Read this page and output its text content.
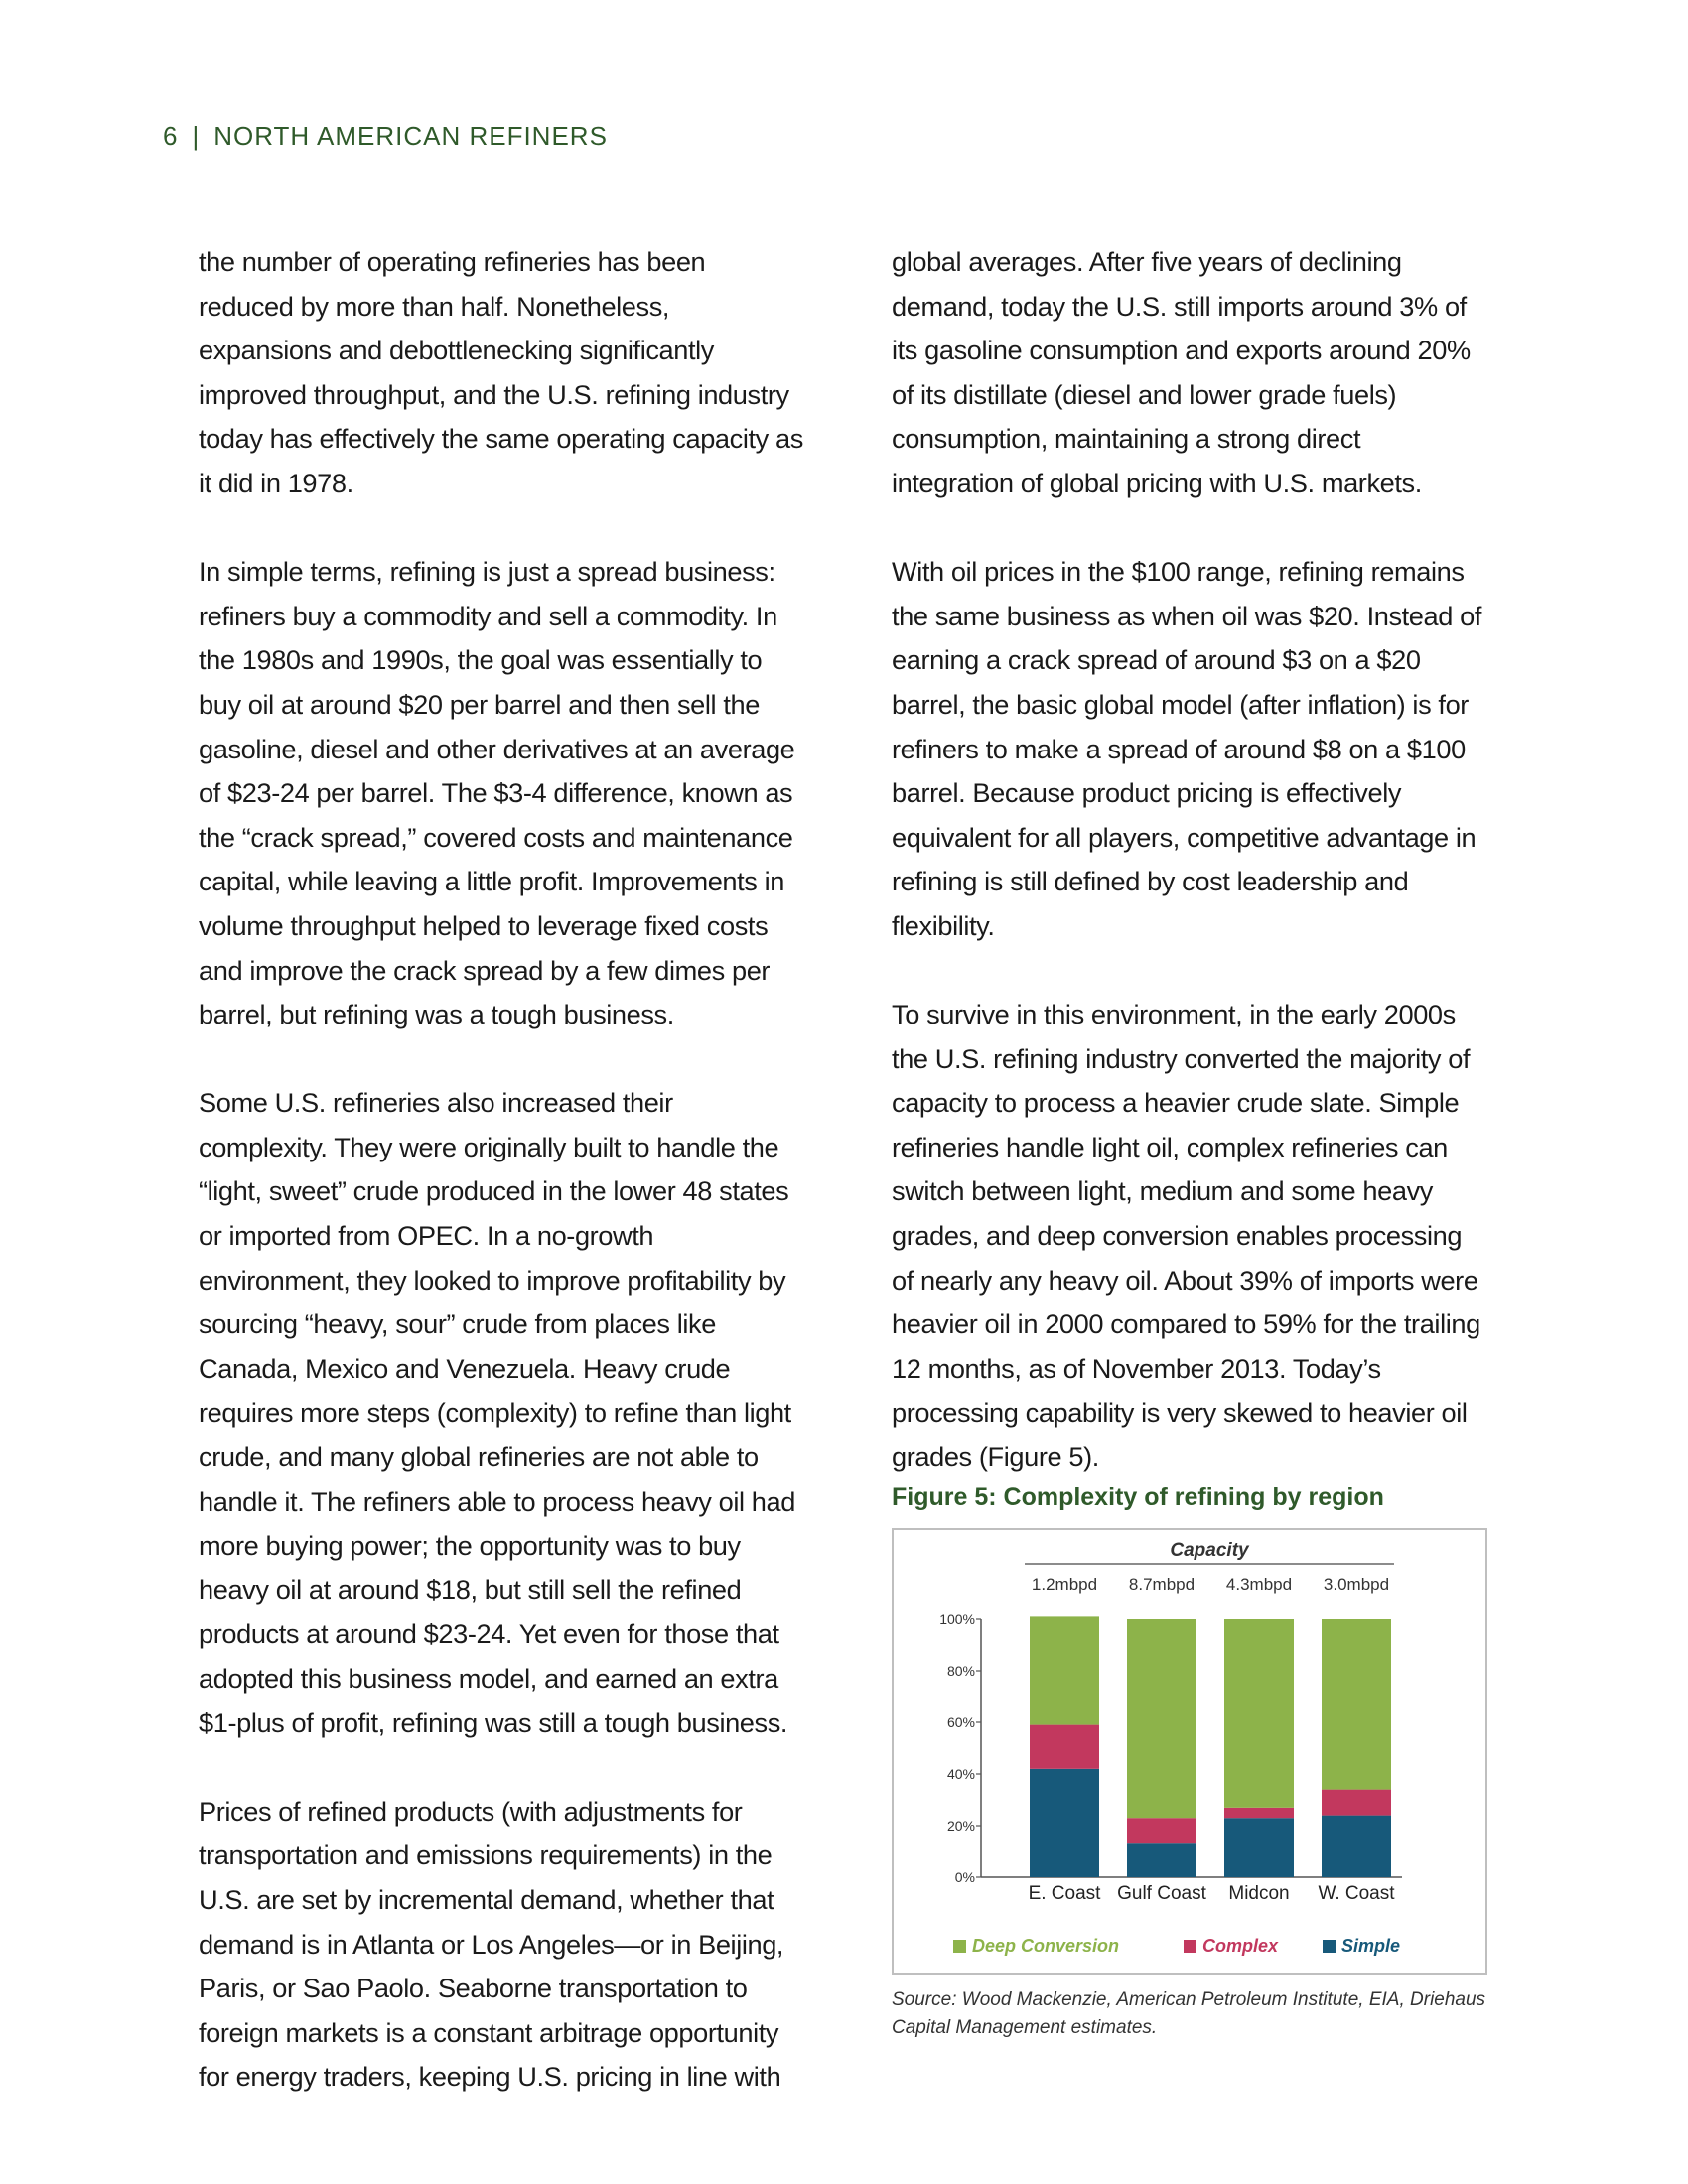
6 | NORTH AMERICAN REFINERS

the number of operating refineries has been reduced by more than half. Nonetheless, expansions and debottlenecking significantly improved throughput, and the U.S. refining industry today has effectively the same operating capacity as it did in 1978.

In simple terms, refining is just a spread business: refiners buy a commodity and sell a commodity. In the 1980s and 1990s, the goal was essentially to buy oil at around $20 per barrel and then sell the gasoline, diesel and other derivatives at an average of $23-24 per barrel. The $3-4 difference, known as the “crack spread,” covered costs and maintenance capital, while leaving a little profit. Improvements in volume throughput helped to leverage fixed costs and improve the crack spread by a few dimes per barrel, but refining was a tough business.

Some U.S. refineries also increased their complexity. They were originally built to handle the “light, sweet” crude produced in the lower 48 states or imported from OPEC. In a no-growth environment, they looked to improve profitability by sourcing “heavy, sour” crude from places like Canada, Mexico and Venezuela. Heavy crude requires more steps (complexity) to refine than light crude, and many global refineries are not able to handle it. The refiners able to process heavy oil had more buying power; the opportunity was to buy heavy oil at around $18, but still sell the refined products at around $23-24. Yet even for those that adopted this business model, and earned an extra $1-plus of profit, refining was still a tough business.

Prices of refined products (with adjustments for transportation and emissions requirements) in the U.S. are set by incremental demand, whether that demand is in Atlanta or Los Angeles—or in Beijing, Paris, or Sao Paolo. Seaborne transportation to foreign markets is a constant arbitrage opportunity for energy traders, keeping U.S. pricing in line with

global averages. After five years of declining demand, today the U.S. still imports around 3% of its gasoline consumption and exports around 20% of its distillate (diesel and lower grade fuels) consumption, maintaining a strong direct integration of global pricing with U.S. markets.

With oil prices in the $100 range, refining remains the same business as when oil was $20. Instead of earning a crack spread of around $3 on a $20 barrel, the basic global model (after inflation) is for refiners to make a spread of around $8 on a $100 barrel. Because product pricing is effectively equivalent for all players, competitive advantage in refining is still defined by cost leadership and flexibility.

To survive in this environment, in the early 2000s the U.S. refining industry converted the majority of capacity to process a heavier crude slate. Simple refineries handle light oil, complex refineries can switch between light, medium and some heavy grades, and deep conversion enables processing of nearly any heavy oil. About 39% of imports were heavier oil in 2000 compared to 59% for the trailing 12 months, as of November 2013. Today’s processing capability is very skewed to heavier oil grades (Figure 5).

Figure 5: Complexity of refining by region
Capacity
0%
20%
40%
60%
80%
100%
E. Coast
1.2mbpd
Gulf Coast
8.7mbpd
Midcon
4.3mbpd
W. Coast
3.0mbpd
Deep Conversion	Complex	Simple
Source: Wood Mackenzie, American Petroleum Institute, EIA, Driehaus Capital Management estimates.
